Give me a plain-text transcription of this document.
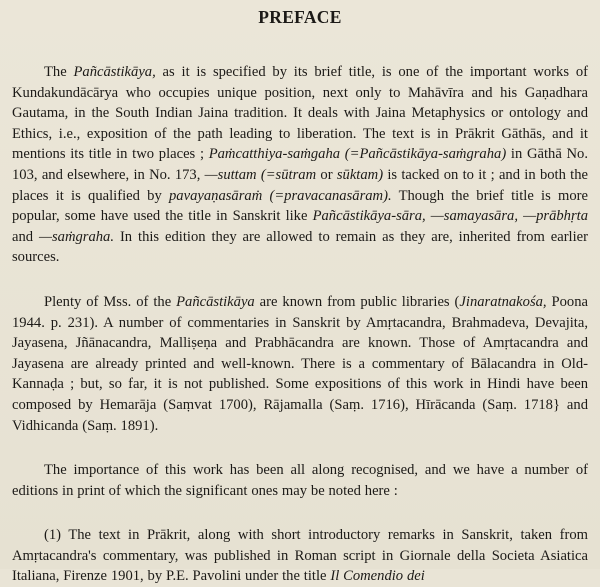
PREFACE

The Pañcāstikāya, as it is specified by its brief title, is one of the important works of Kundakundācārya who occupies unique position, next only to Mahāvīra and his Gaṇadhara Gautama, in the South Indian Jaina tradition. It deals with Jaina Metaphysics or ontology and Ethics, i.e., exposition of the path leading to liberation. The text is in Prākrit Gāthās, and it mentions its title in two places ; Paṁcatthiya-saṁgaha (=Pañcāstikāya-saṁgraha) in Gāthā No. 103, and elsewhere, in No. 173, —suttam (=sūtram or sūktam) is tacked on to it ; and in both the places it is qualified by pavayaṇasāraṁ (=pravacanasāram). Though the brief title is more popular, some have used the title in Sanskrit like Pañcāstikāya-sāra, —samayasāra, —prābhṛta and —saṁgraha. In this edition they are allowed to remain as they are, inherited from earlier sources.

Plenty of Mss. of the Pañcāstikāya are known from public libraries (Jinaratnakośa, Poona 1944. p. 231). A number of commentaries in Sanskrit by Amṛtacandra, Brahmadeva, Devajita, Jayasena, Jñānacandra, Malliṣeṇa and Prabhācandra are known. Those of Amṛtacandra and Jayasena are already printed and well-known. There is a commentary of Bālacandra in Old-Kannaḍa ; but, so far, it is not published. Some expositions of this work in Hindi have been composed by Hemarāja (Saṃvat 1700), Rājamalla (Saṃ. 1716), Hīrācanda (Saṃ. 1718} and Vidhicanda (Saṃ. 1891).

The importance of this work has been all along recognised, and we have a number of editions in print of which the significant ones may be noted here :

(1) The text in Prākrit, along with short introductory remarks in Sanskrit, taken from Amṛtacandra's commentary, was published in Roman script in Giornale della Societa Asiatica Italiana, Firenze 1901, by P.E. Pavolini under the title Il Comendio dei
